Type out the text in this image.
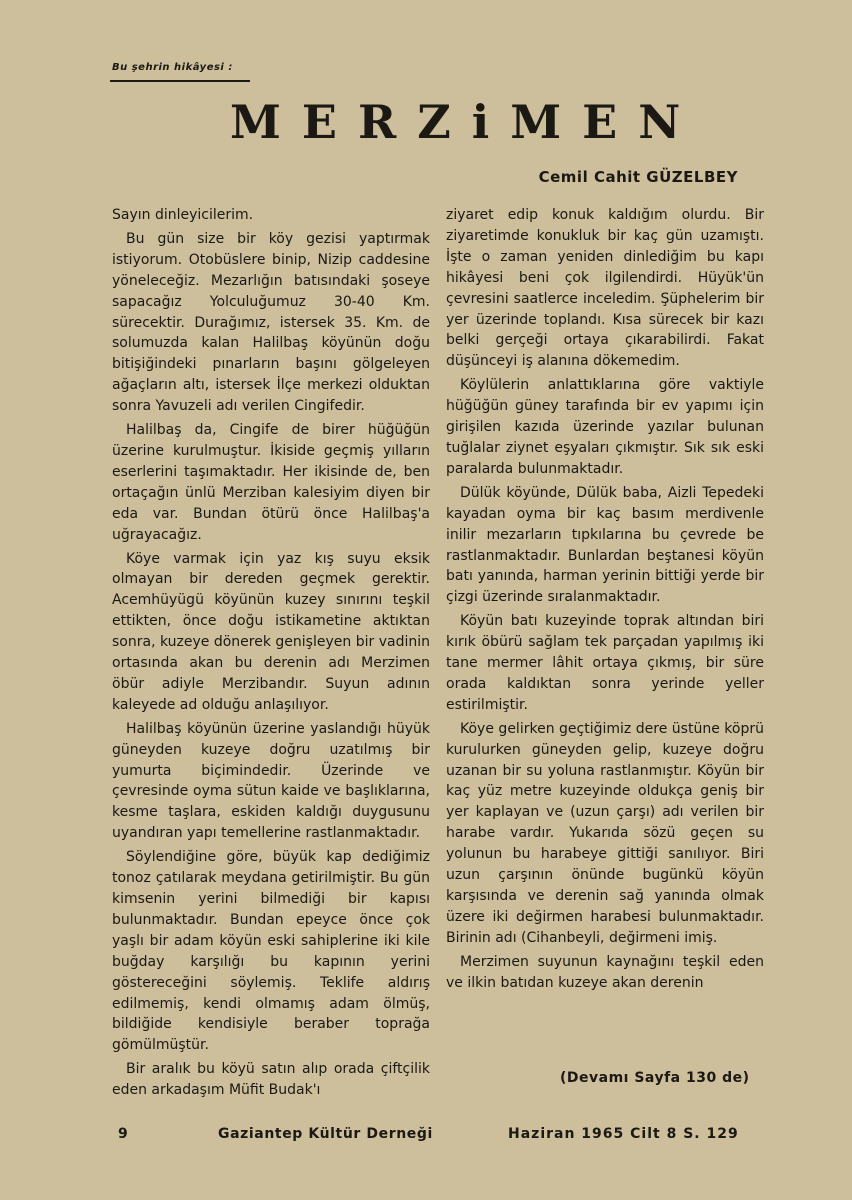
Bu şehrin hikâyesi :
MERZiMEN
Cemil Cahit GÜZELBEY

Sayın dinleyicilerim.

Bu gün size bir köy gezisi yaptırmak istiyorum. Otobüslere binip, Nizip caddesine yöneleceğiz. Mezarlığın batısındaki şoseye sapacağız Yolculuğumuz 30-40 Km. sürecektir. Durağımız, istersek 35. Km. de solumuzda kalan Halilbaş köyünün doğu bitişiğindeki pınarların başını gölgeleyen ağaçların altı, istersek İlçe merkezi olduktan sonra Yavuzeli adı verilen Cingifedir.

Halilbaş da, Cingife de birer hüğüğün üzerine kurulmuştur. İkiside geçmiş yılların eserlerini taşımaktadır. Her ikisinde de, ben ortaçağın ünlü Merziban kalesiyim diyen bir eda var. Bundan ötürü önce Halilbaş'a uğrayacağız.

Köye varmak için yaz kış suyu eksik olmayan bir dereden geçmek gerektir. Acemhüyügü köyünün kuzey sınırını teşkil ettikten, önce doğu istikametine aktıktan sonra, kuzeye dönerek genişleyen bir vadinin ortasında akan bu derenin adı Merzimen öbür adiyle Merzibandır. Suyun adının kaleyede ad olduğu anlaşılıyor.

Halilbaş köyünün üzerine yaslandığı hüyük güneyden kuzeye doğru uzatılmış bir yumurta biçimindedir. Üzerinde ve çevresinde oyma sütun kaide ve başlıklarına, kesme taşlara, eskiden kaldığı duygusunu uyandıran yapı temellerine rastlanmaktadır.

Söylendiğine göre, büyük kap dediğimiz tonoz çatılarak meydana getirilmiştir. Bu gün kimsenin yerini bilmediği bir kapısı bulunmaktadır. Bundan epeyce önce çok yaşlı bir adam köyün eski sahiplerine iki kile buğday karşılığı bu kapının yerini göstereceğini söylemiş. Teklife aldırış edilmemiş, kendi olmamış adam ölmüş, bildiğide kendisiyle beraber toprağa gömülmüştür.

Bir aralık bu köyü satın alıp orada çiftçilik eden arkadaşım Müfit Budak'ı

ziyaret edip konuk kaldığım olurdu. Bir ziyaretimde konukluk bir kaç gün uzamıştı. İşte o zaman yeniden dinlediğim bu kapı hikâyesi beni çok ilgilendirdi. Hüyük'ün çevresini saatlerce inceledim. Şüphelerim bir yer üzerinde toplandı. Kısa sürecek bir kazı belki gerçeği ortaya çıkarabilirdi. Fakat düşünceyi iş alanına dökemedim.

Köylülerin anlattıklarına göre vaktiyle hüğüğün güney tarafında bir ev yapımı için girişilen kazıda üzerinde yazılar bulunan tuğlalar ziynet eşyaları çıkmıştır. Sık sık eski paralarda bulunmaktadır.

Dülük köyünde, Dülük baba, Aizli Tepedeki kayadan oyma bir kaç basım merdivenle inilir mezarların tıpkılarına bu çevrede be rastlanmaktadır. Bunlardan beştanesi köyün batı yanında, harman yerinin bittiği yerde bir çizgi üzerinde sıralanmaktadır.

Köyün batı kuzeyinde toprak altından biri kırık öbürü sağlam tek parçadan yapılmış iki tane mermer lâhit ortaya çıkmış, bir süre orada kaldıktan sonra yerinde yeller estirilmiştir.

Köye gelirken geçtiğimiz dere üstüne köprü kurulurken güneyden gelip, kuzeye doğru uzanan bir su yoluna rastlanmıştır. Köyün bir kaç yüz metre kuzeyinde oldukça geniş bir yer kaplayan ve (uzun çarşı) adı verilen bir harabe vardır. Yukarıda sözü geçen su yolunun bu harabeye gittiği sanılıyor. Biri uzun çarşının önünde bugünkü köyün karşısında ve derenin sağ yanında olmak üzere iki değirmen harabesi bulunmaktadır. Birinin adı (Cihanbeyli, değirmeni imiş.

Merzimen suyunun kaynağını teşkil eden ve ilkin batıdan kuzeye akan derenin

(Devamı Sayfa 130 de)
9	Gaziantep Kültür Derneği	Haziran 1965 Cilt 8 S. 129
